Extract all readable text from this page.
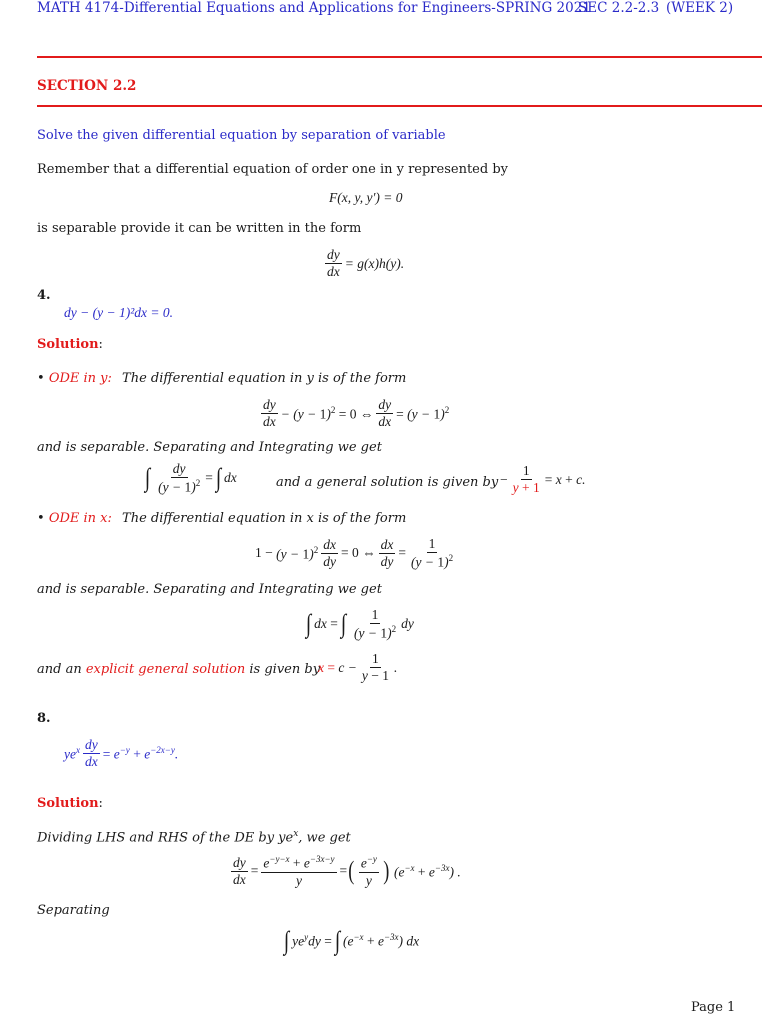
MATH 4174-Differential Equations and Applications for Engineers-SPRING 2021
SEC 2.2-2.3 (WEEK 2)
SECTION 2.2
Solve the given differential equation by separation of variable
Remember that a differential equation of order one in y represented by
F(x, y, y′) = 0
is separable provide it can be written in the form
$\frac{dy}{dx} = g(x)h(y)$.
4.
dy − (y − 1)²dx = 0.
Solution:
• ODE in y: The differential equation in y is of the form
$\frac{dy}{dx} - (y - 1)^2 = 0$ ⇔ $\frac{dy}{dx} = (y - 1)^2$
and is separable. Separating and Integrating we get
∫ $\frac{dy}{(y - 1)^2}$ = ∫ dx	and a general solution is given by − $\frac{1}{y + 1} = x + c$.
• ODE in x: The differential equation in x is of the form
$1 - (y - 1)^2 \frac{dx}{dy} = 0$ ⇔ $\frac{dx}{dy} = \frac{1}{(y - 1)^2}$
and is separable. Separating and Integrating we get
∫ dx = ∫ $\frac{1}{(y - 1)^2}$ dy
and an explicit general solution is given by
x =
$c - \frac{1}{y - 1}$ .
8.
$ye^x \frac{dy}{dx} = e^{-y} + e^{-2x-y}$.
Solution:
Dividing LHS and RHS of the DE by $ye^x$, we get
$\frac{dy}{dx} = \frac{e^{-y-x} + e^{-3x-y}}{y}$ = ( $\frac{e^{-y}}{y}$ ) $(e^{-x} + e^{-3x})$ .
Separating
∫ $ye^ydy$ = ∫ $(e^{-x} + e^{-3x})$ dx
Page 1
